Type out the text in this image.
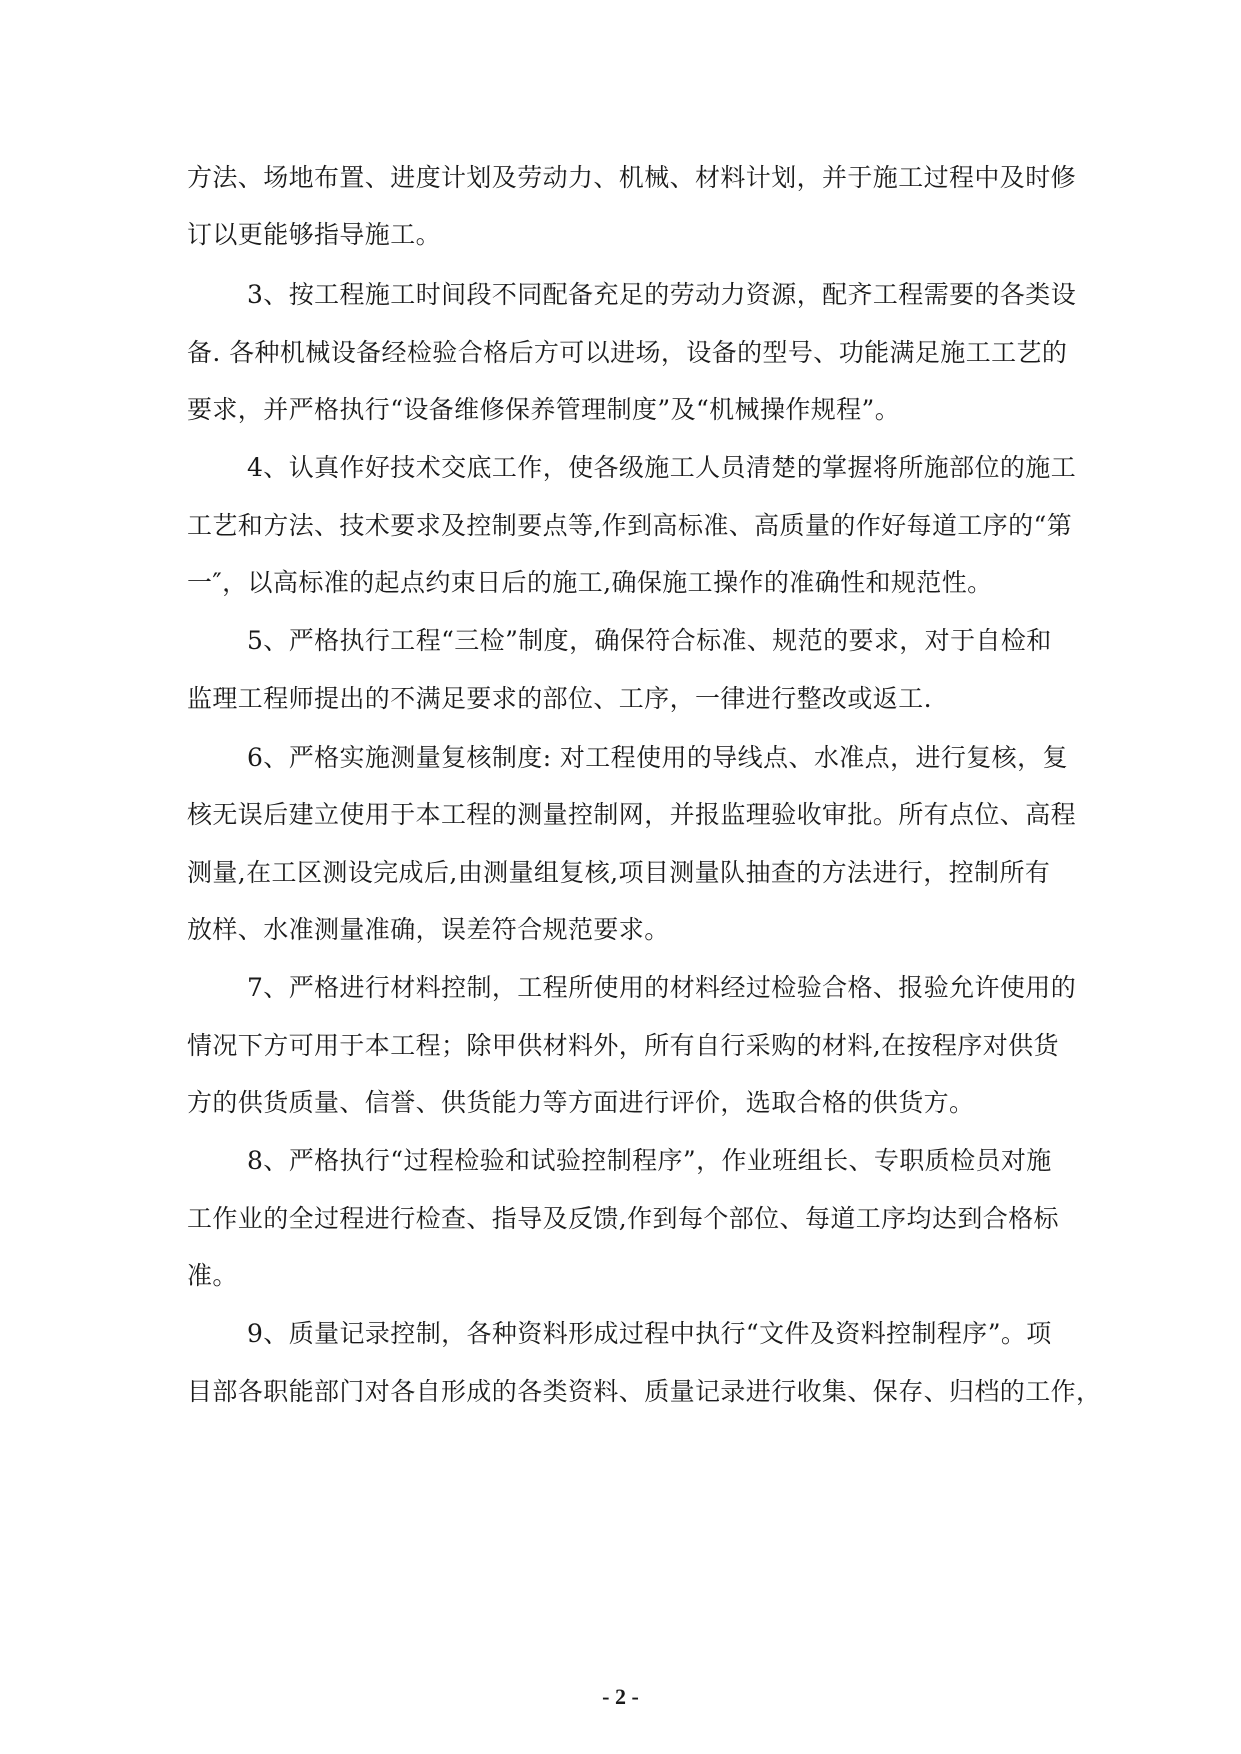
方法、场地布置、进度计划及劳动力、机械、材料计划，并于施工过程中及时修
订以更能够指导施工。
3、按工程施工时间段不同配备充足的劳动力资源，配齐工程需要的各类设
备. 各种机械设备经检验合格后方可以进场，设备的型号、功能满足施工工艺的
要求，并严格执行“设备维修保养管理制度”及“机械操作规程”。
4、认真作好技术交底工作，使各级施工人员清楚的掌握将所施部位的施工
工艺和方法、技术要求及控制要点等,作到高标准、高质量的作好每道工序的“第
一″，以高标准的起点约束日后的施工,确保施工操作的准确性和规范性。
5、严格执行工程“三检”制度，确保符合标准、规范的要求，对于自检和
监理工程师提出的不满足要求的部位、工序，一律进行整改或返工.
6、严格实施测量复核制度: 对工程使用的导线点、水准点，进行复核，复
核无误后建立使用于本工程的测量控制网，并报监理验收审批。所有点位、高程
测量,在工区测设完成后,由测量组复核,项目测量队抽查的方法进行，控制所有
放样、水准测量准确，误差符合规范要求。
7、严格进行材料控制，工程所使用的材料经过检验合格、报验允许使用的
情况下方可用于本工程；除甲供材料外，所有自行采购的材料,在按程序对供货
方的供货质量、信誉、供货能力等方面进行评价，选取合格的供货方。
8、严格执行“过程检验和试验控制程序”，作业班组长、专职质检员对施
工作业的全过程进行检查、指导及反馈,作到每个部位、每道工序均达到合格标
准。
9、质量记录控制，各种资料形成过程中执行“文件及资料控制程序”。项
目部各职能部门对各自形成的各类资料、质量记录进行收集、保存、归档的工作，
- 2 -
